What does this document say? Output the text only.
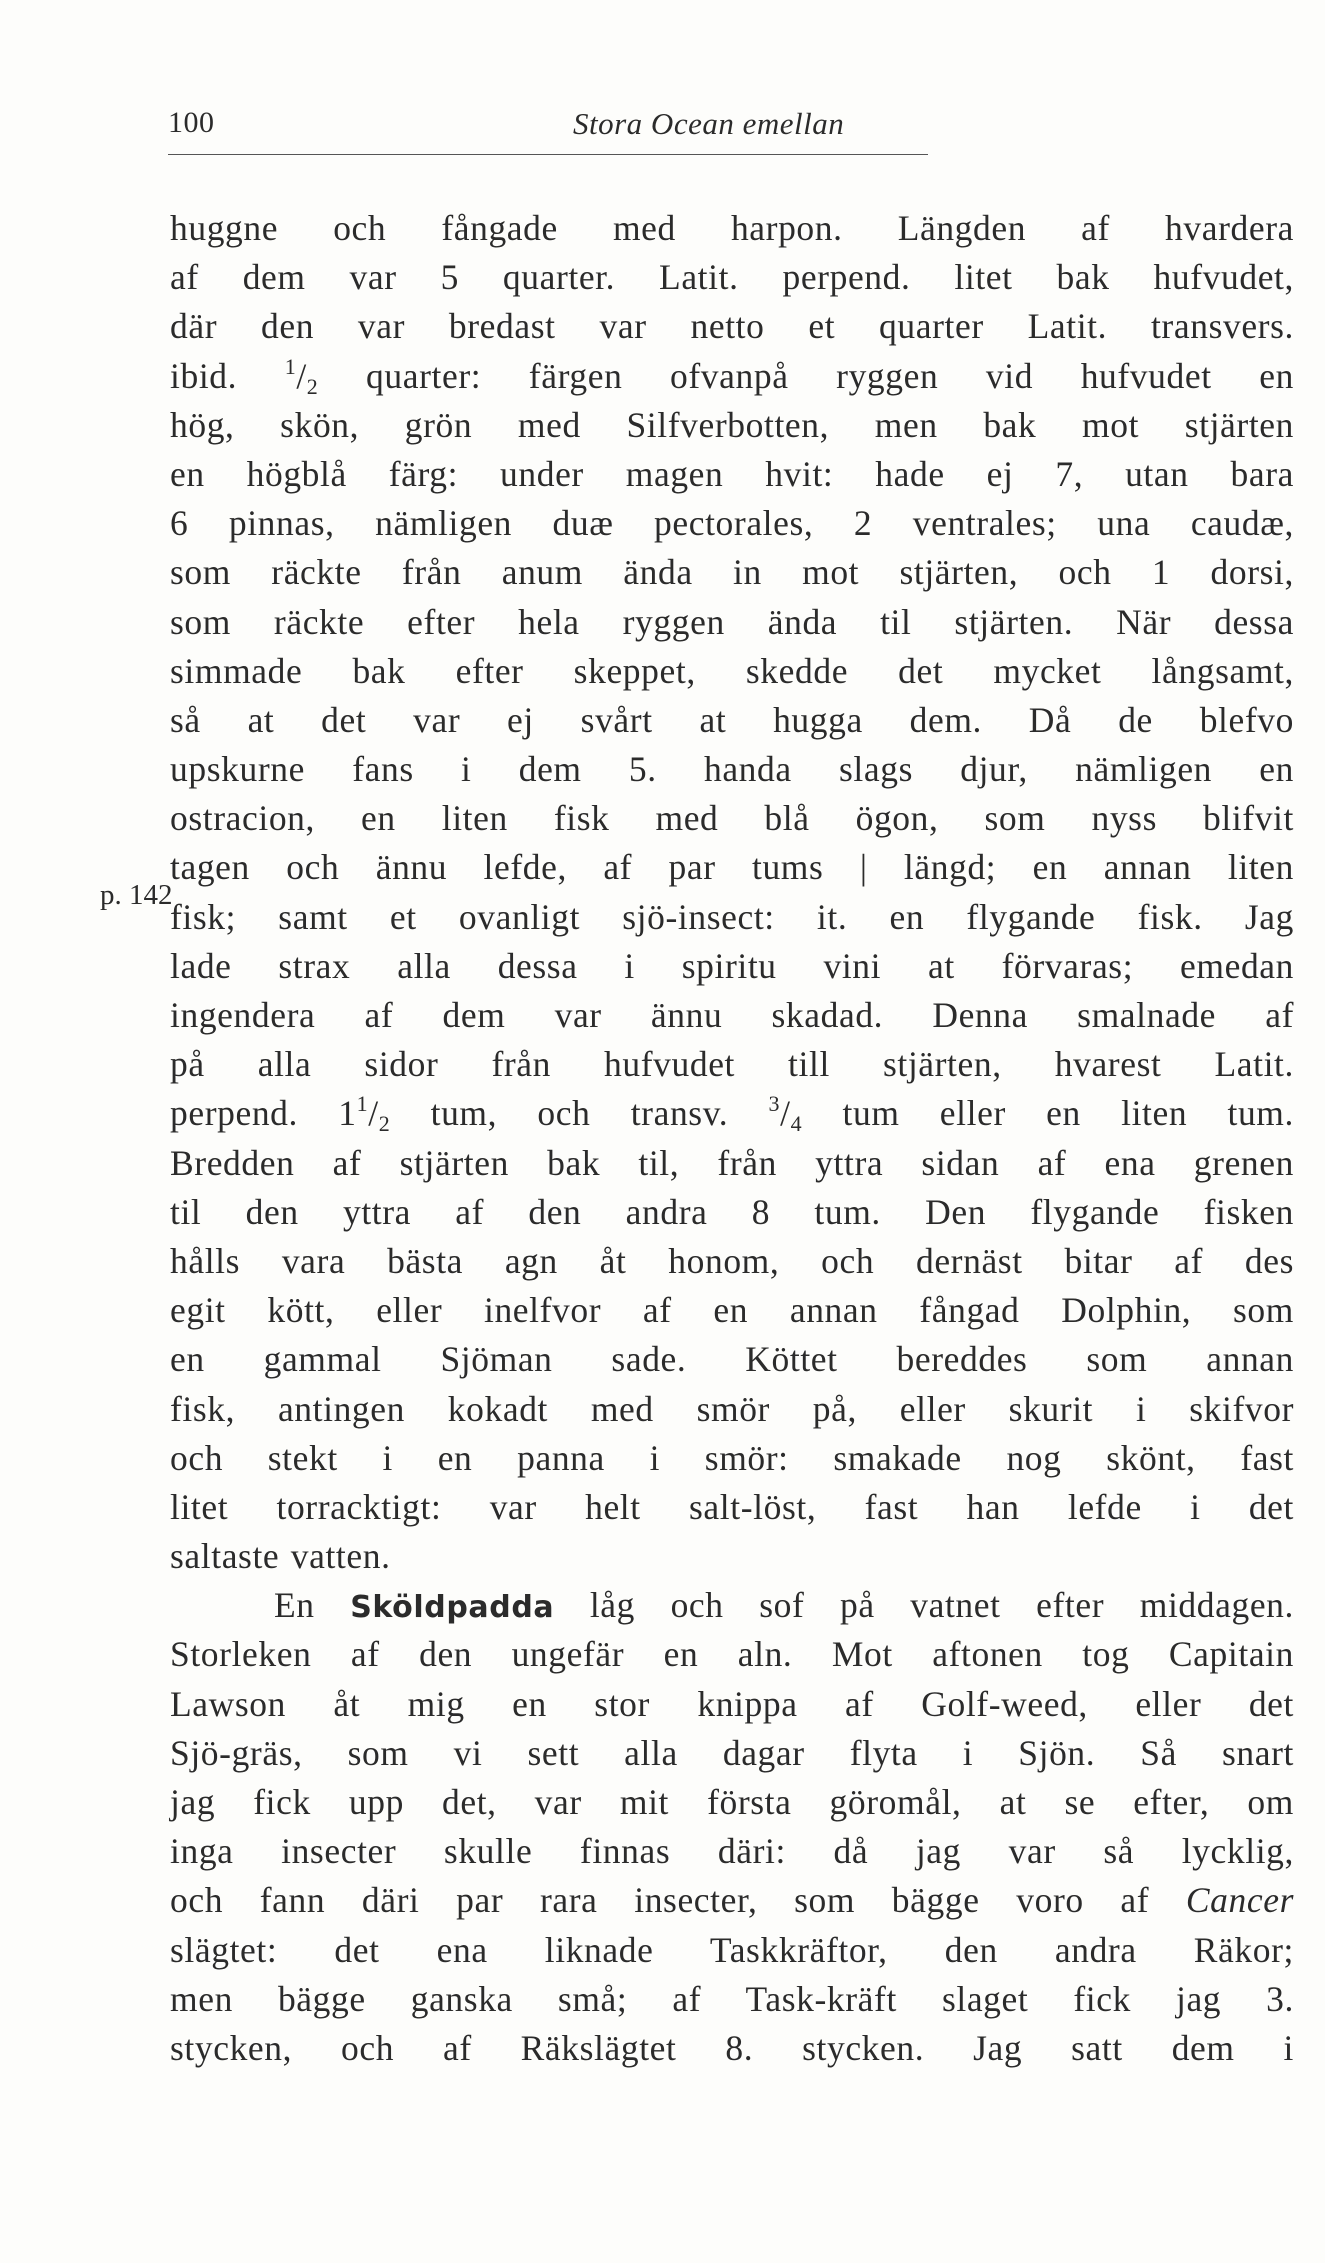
100	Stora Ocean emellan
p. 142
huggne och fångade med harpon. Längden af hvardera
af dem var 5 quarter. Latit. perpend. litet bak hufvudet,
där den var bredast var netto et quarter Latit. transvers.
ibid. $^1/_2$ quarter: färgen ofvanpå ryggen vid hufvudet en
hög, skön, grön med Silfverbotten, men bak mot stjärten
en högblå färg: under magen hvit: hade ej 7, utan bara
6 pinnas, nämligen duæ pectorales, 2 ventrales; una caudæ,
som räckte från anum ända in mot stjärten, och 1 dorsi,
som räckte efter hela ryggen ända til stjärten. När dessa
simmade bak efter skeppet, skedde det mycket långsamt,
så at det var ej svårt at hugga dem. Då de blefvo
upskurne fans i dem 5. handa slags djur, nämligen en
ostracion, en liten fisk med blå ögon, som nyss blifvit
tagen och ännu lefde, af par tums | längd; en annan liten
fisk; samt et ovanligt sjö-insect: it. en flygande fisk. Jag
lade strax alla dessa i spiritu vini at förvaras; emedan
ingendera af dem var ännu skadad. Denna smalnade af
på alla sidor från hufvudet till stjärten, hvarest Latit.
perpend. $1^1/_2$ tum, och transv. $^3/_4$ tum eller en liten tum.
Bredden af stjärten bak til, från yttra sidan af ena grenen
til den yttra af den andra 8 tum. Den flygande fisken
hålls vara bästa agn åt honom, och dernäst bitar af des
egit kött, eller inelfvor af en annan fångad Dolphin, som
en gammal Sjöman sade. Köttet bereddes som annan
fisk, antingen kokadt med smör på, eller skurit i skifvor
och stekt i en panna i smör: smakade nog skönt, fast
litet torracktigt: var helt salt-löst, fast han lefde i det
saltaste vatten.
En Sköldpadda låg och sof på vatnet efter middagen.
Storleken af den ungefär en aln. Mot aftonen tog Capitain
Lawson åt mig en stor knippa af Golf-weed, eller det
Sjö-gräs, som vi sett alla dagar flyta i Sjön. Så snart
jag fick upp det, var mit första göromål, at se efter, om
inga insecter skulle finnas däri: då jag var så lycklig,
och fann däri par rara insecter, som bägge voro af Cancer
slägtet: det ena liknade Taskkräftor, den andra Räkor;
men bägge ganska små; af Task-kräft slaget fick jag 3.
stycken, och af Räkslägtet 8. stycken. Jag satt dem i
